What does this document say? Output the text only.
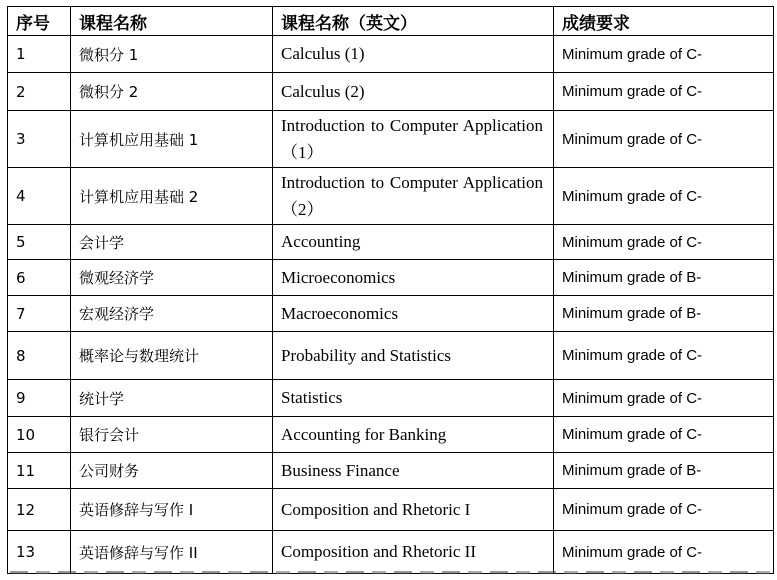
序号	课程名称	课程名称（英文）	成绩要求
1	微积分 1	Calculus (1)	Minimum grade of C-
2	微积分 2	Calculus (2)	Minimum grade of C-
3	计算机应用基础 1	Introduction to Computer Application（1）	Minimum grade of C-
4	计算机应用基础 2	Introduction to Computer Application（2）	Minimum grade of C-
5	会计学	Accounting	Minimum grade of C-
6	微观经济学	Microeconomics	Minimum grade of B-
7	宏观经济学	Macroeconomics	Minimum grade of B-
8	概率论与数理统计	Probability and Statistics	Minimum grade of C-
9	统计学	Statistics	Minimum grade of C-
10	银行会计	Accounting for Banking	Minimum grade of C-
11	公司财务	Business Finance	Minimum grade of B-
12	英语修辞与写作 I	Composition and Rhetoric I	Minimum grade of C-
13	英语修辞与写作 II	Composition and Rhetoric II	Minimum grade of C-
